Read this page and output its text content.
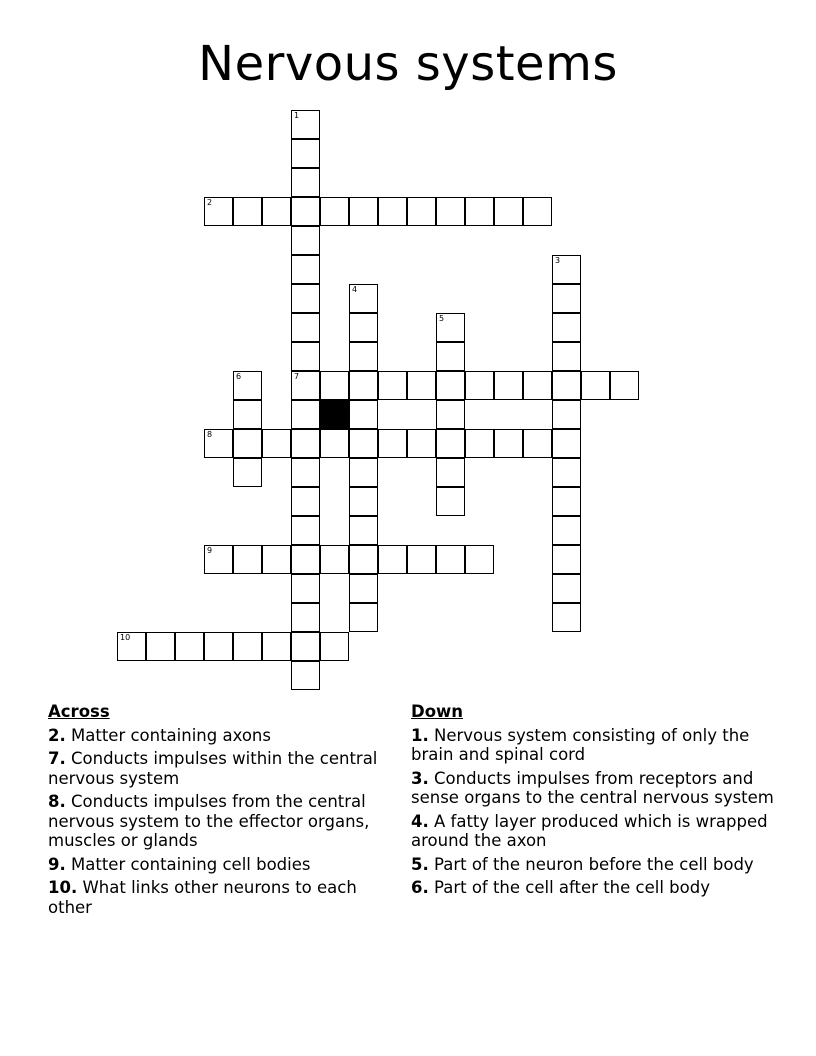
Nervous systems
1
7
2
3
4
5
6
8
9
10
Across
2. Matter containing axons
7. Conducts impulses within the central nervous system
8. Conducts impulses from the central nervous system to the effector organs, muscles or glands
9. Matter containing cell bodies
10. What links other neurons to each other
Down
1. Nervous system consisting of only the brain and spinal cord
3. Conducts impulses from receptors and sense organs to the central nervous system
4. A fatty layer produced which is wrapped around the axon
5. Part of the neuron before the cell body
6. Part of the cell after the cell body
